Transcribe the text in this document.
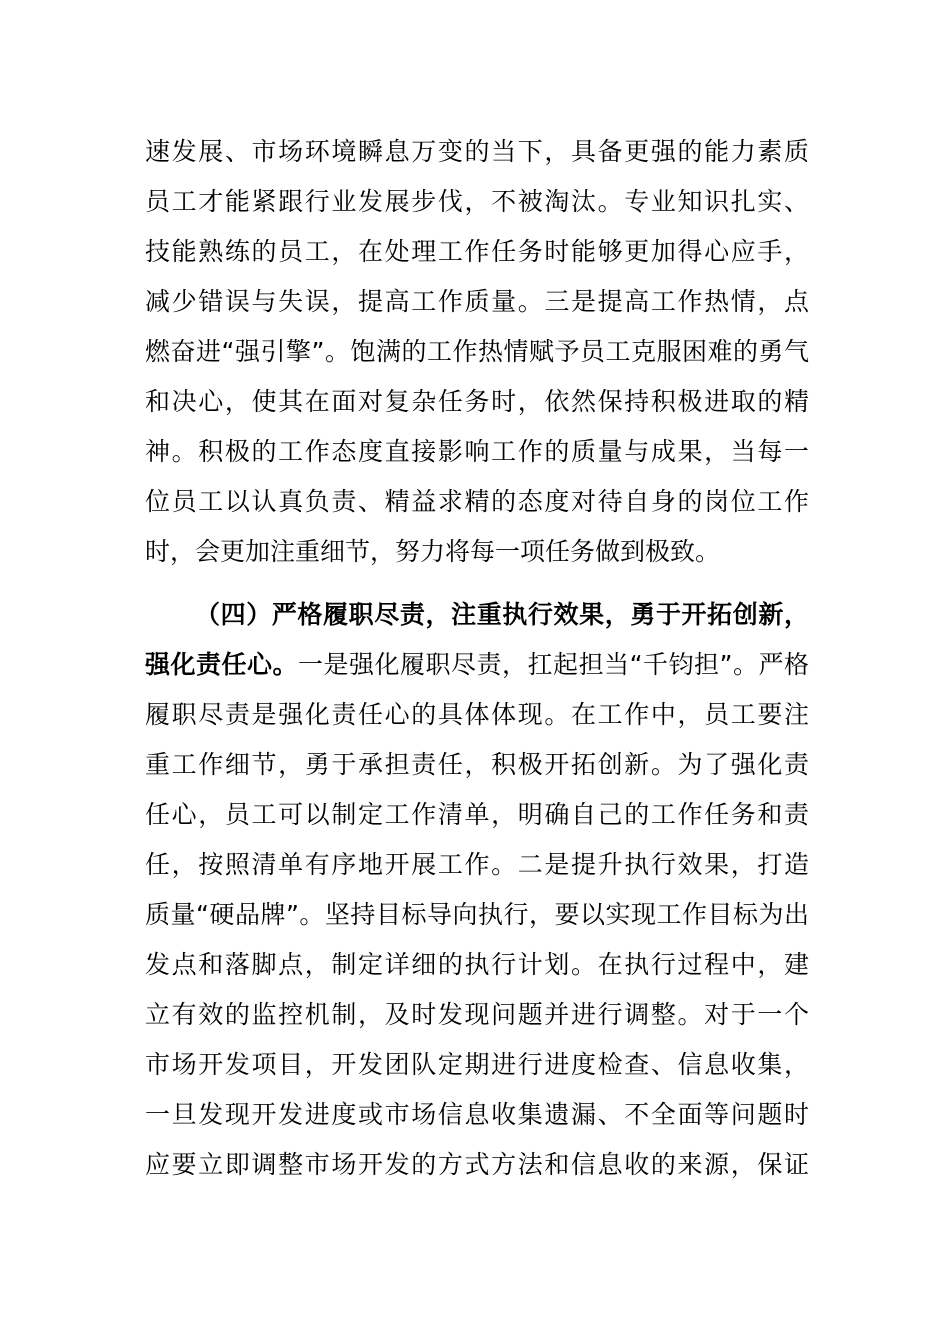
速发展、市场环境瞬息万变的当下，具备更强的能力素质
员工才能紧跟行业发展步伐，不被淘汰。专业知识扎实、
技能熟练的员工，在处理工作任务时能够更加得心应手，
减少错误与失误，提高工作质量。三是提高工作热情，点
燃奋进“强引擎”。饱满的工作热情赋予员工克服困难的勇气
和决心，使其在面对复杂任务时，依然保持积极进取的精
神。积极的工作态度直接影响工作的质量与成果，当每一
位员工以认真负责、精益求精的态度对待自身的岗位工作
时，会更加注重细节，努力将每一项任务做到极致。
（四）严格履职尽责，注重执行效果，勇于开拓创新，
强化责任心。一是强化履职尽责，扛起担当“千钧担”。严格
履职尽责是强化责任心的具体体现。在工作中，员工要注
重工作细节，勇于承担责任，积极开拓创新。为了强化责
任心，员工可以制定工作清单，明确自己的工作任务和责
任，按照清单有序地开展工作。二是提升执行效果，打造
质量“硬品牌”。坚持目标导向执行，要以实现工作目标为出
发点和落脚点，制定详细的执行计划。在执行过程中，建
立有效的监控机制，及时发现问题并进行调整。对于一个
市场开发项目，开发团队定期进行进度检查、信息收集，
一旦发现开发进度或市场信息收集遗漏、不全面等问题时
应要立即调整市场开发的方式方法和信息收的来源，保证
